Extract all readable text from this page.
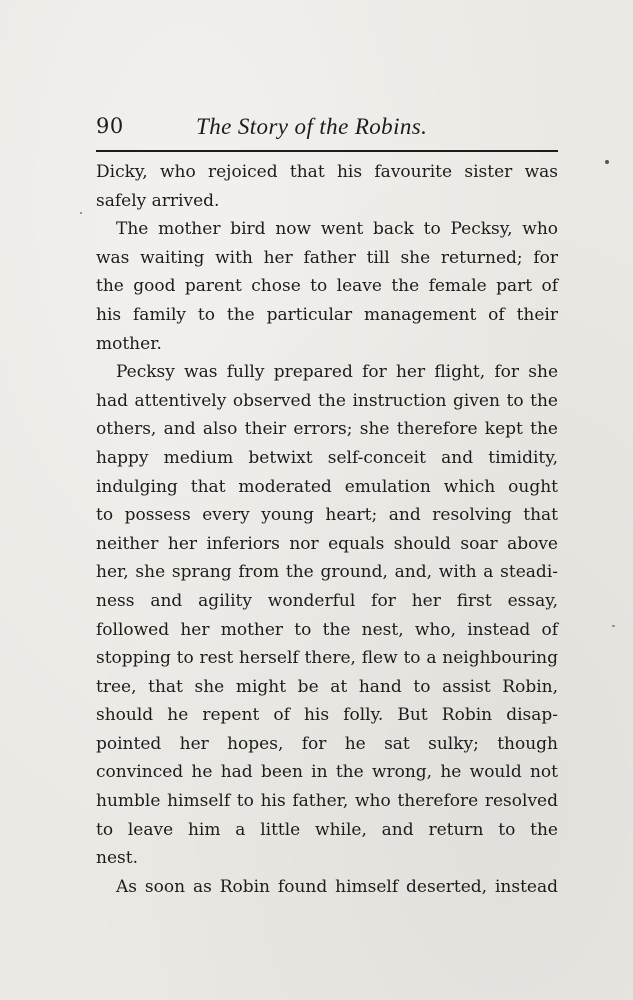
90	The Story of the Robins.
Dicky, who rejoiced that his favourite sister was
safely arrived.
The mother bird now went back to Pecksy, who
was waiting with her father till she returned; for
the good parent chose to leave the female part of
his family to the particular management of their
mother.
Pecksy was fully prepared for her flight, for she
had attentively observed the instruction given to the
others, and also their errors; she therefore kept the
happy medium betwixt self-conceit and timidity,
indulging that moderated emulation which ought
to possess every young heart; and resolving that
neither her inferiors nor equals should soar above
her, she sprang from the ground, and, with a steadi-
ness and agility wonderful for her first essay,
followed her mother to the nest, who, instead of
stopping to rest herself there, flew to a neighbouring
tree, that she might be at hand to assist Robin,
should he repent of his folly. But Robin disap-
pointed her hopes, for he sat sulky; though
convinced he had been in the wrong, he would not
humble himself to his father, who therefore resolved
to leave him a little while, and return to the
nest.
As soon as Robin found himself deserted, instead
